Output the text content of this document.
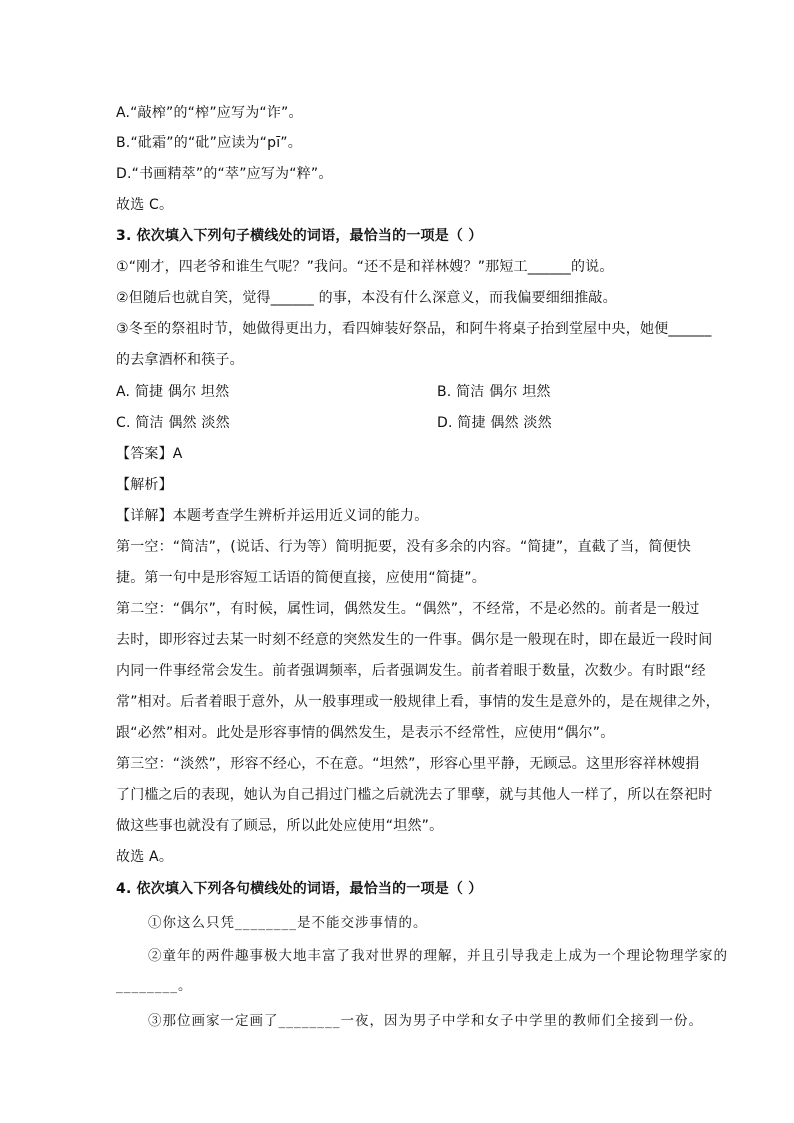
A.“敲榨”的“榨”应写为“诈”。
B.“砒霜”的“砒”应读为“pī”。
D.“书画精萃”的“萃”应写为“粹”。
故选 C。
3. 依次填入下列句子横线处的词语，最恰当的一项是（ ）
①“刚才，四老爷和谁生气呢？”我问。“还不是和祥林嫂？”那短工______的说。
②但随后也就自笑，觉得______ 的事，本没有什么深意义，而我偏要细细推敲。
③冬至的祭祖时节，她做得更出力，看四婶装好祭品，和阿牛将桌子抬到堂屋中央，她便______
的去拿酒杯和筷子。
A. 简捷 偶尔 坦然	B. 简洁 偶尔 坦然
C. 简洁 偶然 淡然	D. 简捷 偶然 淡然
【答案】A
【解析】
【详解】本题考查学生辨析并运用近义词的能力。
第一空：“简洁”，(说话、行为等）简明扼要，没有多余的内容。“简捷”，直截了当，简便快
捷。第一句中是形容短工话语的简便直接，应使用“简捷”。
第二空：“偶尔”，有时候，属性词，偶然发生。“偶然”，不经常，不是必然的。前者是一般过
去时，即形容过去某一时刻不经意的突然发生的一件事。偶尔是一般现在时，即在最近一段时间
内同一件事经常会发生。前者强调频率，后者强调发生。前者着眼于数量，次数少。有时跟“经
常”相对。后者着眼于意外，从一般事理或一般规律上看，事情的发生是意外的，是在规律之外，
跟“必然”相对。此处是形容事情的偶然发生，是表示不经常性，应使用“偶尔”。
第三空：“淡然”，形容不经心，不在意。“坦然”，形容心里平静，无顾忌。这里形容祥林嫂捐
了门槛之后的表现，她认为自己捐过门槛之后就洗去了罪孽，就与其他人一样了，所以在祭祀时
做这些事也就没有了顾忌，所以此处应使用“坦然”。
故选 A。
4. 依次填入下列各句横线处的词语，最恰当的一项是（ ）
①你这么只凭________是不能交涉事情的。
②童年的两件趣事极大地丰富了我对世界的理解，并且引导我走上成为一个理论物理学家的
________。
③那位画家一定画了________一夜，因为男子中学和女子中学里的教师们全接到一份。
